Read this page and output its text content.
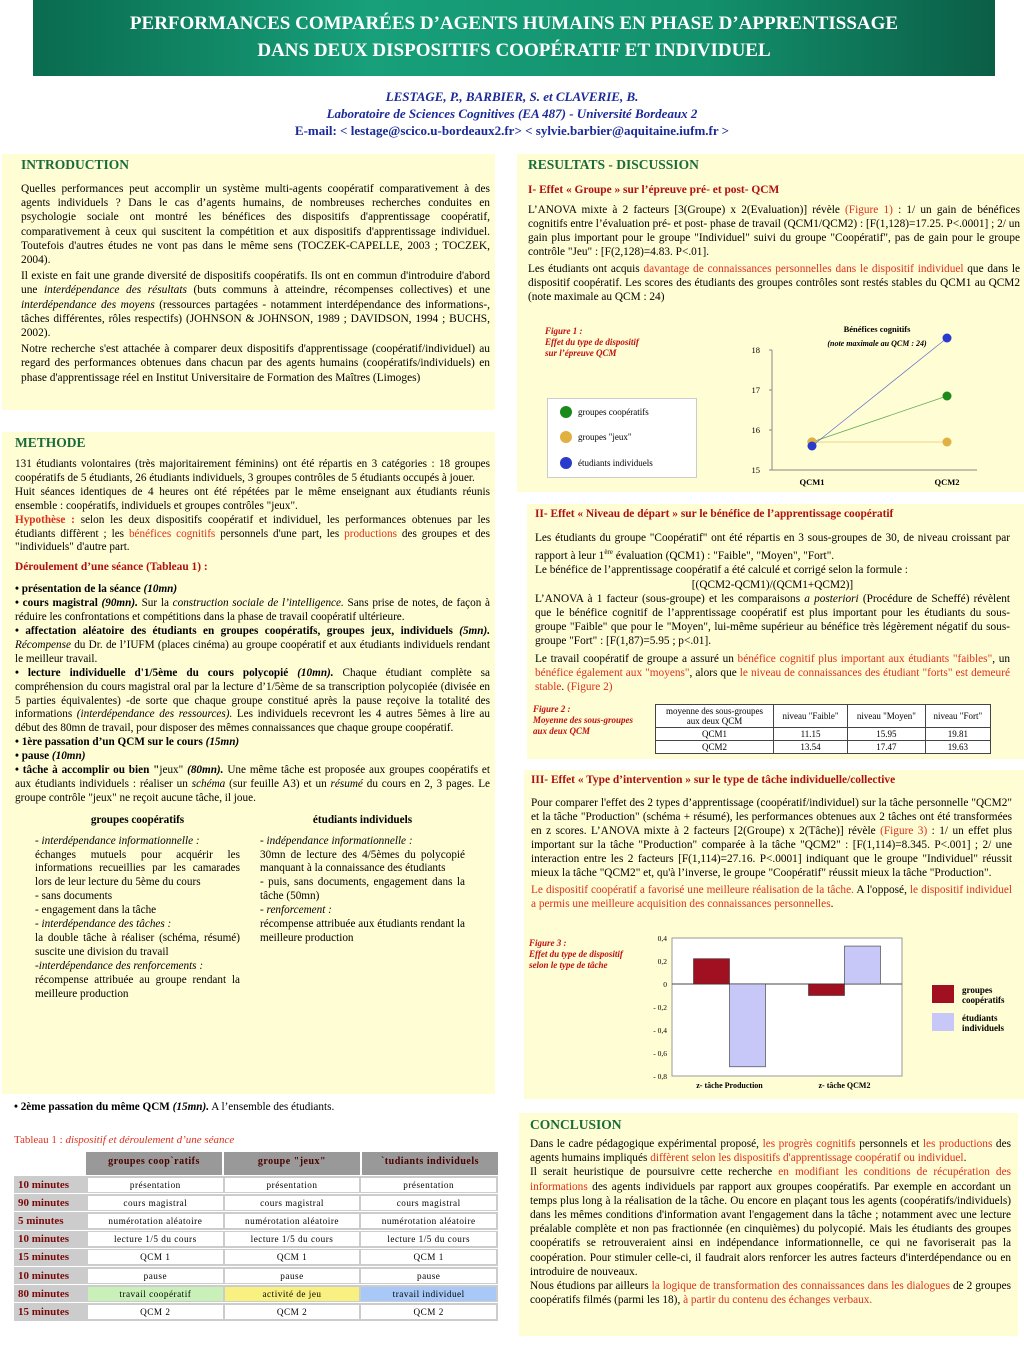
PERFORMANCES COMPARÉES D’AGENTS HUMAINS EN PHASE D’APPRENTISSAGE
DANS DEUX DISPOSITIFS COOPÉRATIF ET INDIVIDUEL
LESTAGE, P., BARBIER, S. et CLAVERIE, B.
Laboratoire de Sciences Cognitives (EA 487) - Université Bordeaux 2
E-mail: < lestage@scico.u-bordeaux2.fr> < sylvie.barbier@aquitaine.iufm.fr >
INTRODUCTION
Quelles performances peut accomplir un système multi-agents coopératif comparativement à des agents individuels ? Dans le cas d’agents humains, de nombreuses recherches conduites en psychologie sociale ont montré les bénéfices des dispositifs d'apprentissage coopératif, comparativement à ceux qui suscitent la compétition et aux dispositifs d'apprentissage individuel. Toutefois d'autres études ne vont pas dans le même sens (TOCZEK-CAPELLE, 2003 ; TOCZEK, 2004).
Il existe en fait une grande diversité de dispositifs coopératifs. Ils ont en commun d'introduire d'abord une interdépendance des résultats (buts communs à atteindre, récompenses collectives) et une interdépendance des moyens (ressources partagées - notamment interdépendance des informations-, tâches différentes, rôles respectifs) (JOHNSON & JOHNSON, 1989 ; DAVIDSON, 1994 ; BUCHS, 2002).
Notre recherche s'est attachée à comparer deux dispositifs d'apprentissage (coopératif/individuel) au regard des performances obtenues dans chacun par des agents humains (coopératifs/individuels) en phase d'apprentissage réel en Institut Universitaire de Formation des Maîtres (Limoges)
METHODE
131 étudiants volontaires (très majoritairement féminins) ont été répartis en 3 catégories : 18 groupes coopératifs de 5 étudiants, 26 étudiants individuels, 3 groupes contrôles de 5 étudiants occupés à jouer.
Huit séances identiques de 4 heures ont été répétées par le même enseignant aux étudiants réunis ensemble : coopératifs, individuels et groupes contrôles "jeux".
Hypothèse : selon les deux dispositifs coopératif et individuel, les performances obtenues par les étudiants diffèrent ; les bénéfices cognitifs personnels d'une part, les productions des groupes et des "individuels" d'autre part.
Déroulement d’une séance (Tableau 1) :
• présentation de la séance (10mn)
• cours magistral (90mn). Sur la construction sociale de l’intelligence. Sans prise de notes, de façon à réduire les confrontations et compétitions dans la phase de travail coopératif ultérieure.
• affectation aléatoire des étudiants en groupes coopératifs, groupes jeux, individuels (5mn). Récompense du Dr. de l’IUFM (places cinéma) au groupe coopératif et aux étudiants individuels rendant le meilleur travail.
• lecture individuelle d'1/5ème du cours polycopié (10mn). Chaque étudiant complète sa compréhension du cours magistral oral par la lecture d’1/5ème de sa transcription polycopiée (divisée en 5 parties équivalentes) -de sorte que chaque groupe constitué après la pause reçoive la totalité des informations (interdépendance des ressources). Les individuels recevront les 4 autres 5èmes à lire au début des 80mn de travail, pour disposer des mêmes connaissances que chaque groupe coopératif.
• 1ère passation d’un QCM sur le cours (15mn)
• pause (10mn)
• tâche à accomplir ou bien "jeux" (80mn). Une même tâche est proposée aux groupes coopératifs et aux étudiants individuels : réaliser un schéma (sur feuille A3) et un résumé du cours en 2, 3 pages. Le groupe contrôle "jeux" ne reçoit aucune tâche, il joue.
groupes coopératifs
- interdépendance informationnelle :
échanges mutuels pour acquérir les informations recueillies par les camarades lors de leur lecture du 5ème du cours
- sans documents
- engagement dans la tâche
- interdépendance des tâches :
la double tâche à réaliser (schéma, résumé) suscite une division du travail
-interdépendance des renforcements :
récompense attribuée au groupe rendant la meilleure production
étudiants individuels
- indépendance informationnelle :
30mn de lecture des 4/5èmes du polycopié manquant à la connaissance des étudiants
- puis, sans documents, engagement dans la tâche (50mn)
- renforcement :
récompense attribuée aux étudiants rendant la meilleure production
• 2ème passation du même QCM (15mn). A l’ensemble des étudiants.
Tableau 1 : dispositif et déroulement d’une séance
groupes coop`ratifs	groupe "jeux"	`tudiants individuels
10 minutes	présentation	présentation	présentation
90 minutes	cours magistral	cours magistral	cours magistral
5 minutes	numérotation aléatoire	numérotation aléatoire	numérotation aléatoire
10 minutes	lecture 1/5 du cours	lecture 1/5 du cours	lecture 1/5 du cours
15 minutes	QCM 1	QCM 1	QCM 1
10 minutes	pause	pause	pause
80 minutes	travail coopératif	activité de jeu	travail individuel
15 minutes	QCM 2	QCM 2	QCM 2
RESULTATS - DISCUSSION
I- Effet « Groupe » sur l’épreuve pré- et post- QCM
L’ANOVA mixte à 2 facteurs [3(Groupe) x 2(Evaluation)] révèle (Figure 1) : 1/ un gain de bénéfices cognitifs entre l’évaluation pré- et post- phase de travail (QCM1/QCM2) : [F(1,128)=17.25. P<.0001] ; 2/ un gain plus important pour le groupe "Individuel" suivi du groupe "Coopératif", pas de gain pour le groupe contrôle "Jeu" : [F(2,128)=4.83. P<.01].
Les étudiants ont acquis davantage de connaissances personnelles dans le dispositif individuel que dans le dispositif coopératif. Les scores des étudiants des groupes contrôles sont restés stables du QCM1 au QCM2 (note maximale au QCM : 24)
Figure 1 :
Effet du type de dispositif
sur l’épreuve QCM
groupes coopératifs
groupes "jeux"
étudiants individuels
Bénéfices cognitifs
(note maximale au QCM : 24)
15
16
17
18
QCM1	QCM2
II- Effet « Niveau de départ » sur le bénéfice de l’apprentissage coopératif
Les étudiants du groupe "Coopératif" ont été répartis en 3 sous-groupes de 30, de niveau croissant par rapport à leur 1ère évaluation (QCM1) : "Faible", "Moyen", "Fort".
Le bénéfice de l’apprentissage coopératif a été calculé et corrigé selon la formule :
[(QCM2-QCM1)/(QCM1+QCM2)]
L’ANOVA à 1 facteur (sous-groupe) et les comparaisons a posteriori (Procédure de Scheffé) révèlent que le bénéfice cognitif de l’apprentissage coopératif est plus important pour les étudiants du sous-groupe "Faible" que pour le "Moyen", lui-même supérieur au bénéfice très légèrement négatif du sous-groupe "Fort" : [F(1,87)=5.95 ; p<.01].
Le travail coopératif de groupe a assuré un bénéfice cognitif plus important aux étudiants "faibles", un bénéfice également aux "moyens", alors que le niveau de connaissances des étudiant "forts" est demeuré stable. (Figure 2)
Figure 2 :
Moyenne des sous-groupes
aux deux QCM
moyenne des sous-groupes aux deux QCM	niveau "Faible"	niveau "Moyen"	niveau "Fort"
QCM1	11.15	15.95	19.81
QCM2	13.54	17.47	19.63
III- Effet « Type d’intervention » sur le type de tâche individuelle/collective
Pour comparer l'effet des 2 types d’apprentissage (coopératif/individuel) sur la tâche personnelle "QCM2" et la tâche "Production" (schéma + résumé), les performances obtenues aux 2 tâches ont été transformées en z scores. L’ANOVA mixte à 2 facteurs [2(Groupe) x 2(Tâche)] révèle (Figure 3) : 1/ un effet plus important sur la tâche "Production" comparée à la tâche "QCM2" : [F(1,114)=8.345. P<.001] ; 2/ une interaction entre les 2 facteurs [F(1,114)=27.16. P<.0001] indiquant que le groupe "Individuel" réussit mieux la tâche "QCM2" et, qu'à l’inverse, le groupe "Coopératif" réussit mieux la tâche "Production".
Le dispositif coopératif a favorisé une meilleure réalisation de la tâche. A l'opposé, le dispositif individuel a permis une meilleure acquisition des connaissances personnelles.
Figure 3 :
Effet du type de dispositif
selon le type de tâche
0,4
0,2
0
- 0,2
- 0,4
- 0,6
- 0,8
z- tâche Production	z- tâche QCM2
groupes coopératifs
étudiants individuels
CONCLUSION
Dans le cadre pédagogique expérimental proposé, les progrès cognitifs personnels et les productions des agents humains impliqués diffèrent selon les dispositifs d'apprentissage coopératif ou individuel.
Il serait heuristique de poursuivre cette recherche en modifiant les conditions de récupération des informations des agents individuels par rapport aux groupes coopératifs. Par exemple en accordant un temps plus long à la réalisation de la tâche. Ou encore en plaçant tous les agents (coopératifs/individuels) dans les mêmes conditions d'information avant l'engagement dans la tâche ; notamment avec une lecture préalable complète et non pas fractionnée (en cinquièmes) du polycopié. Mais les étudiants des groupes coopératifs se retrouveraient ainsi en indépendance informationnelle, ce qui ne favoriserait pas la coopération. Pour stimuler celle-ci, il faudrait alors renforcer les autres facteurs d'interdépendance ou en introduire de nouveaux.
Nous étudions par ailleurs la logique de transformation des connaissances dans les dialogues de 2 groupes coopératifs filmés (parmi les 18), à partir du contenu des échanges verbaux.
